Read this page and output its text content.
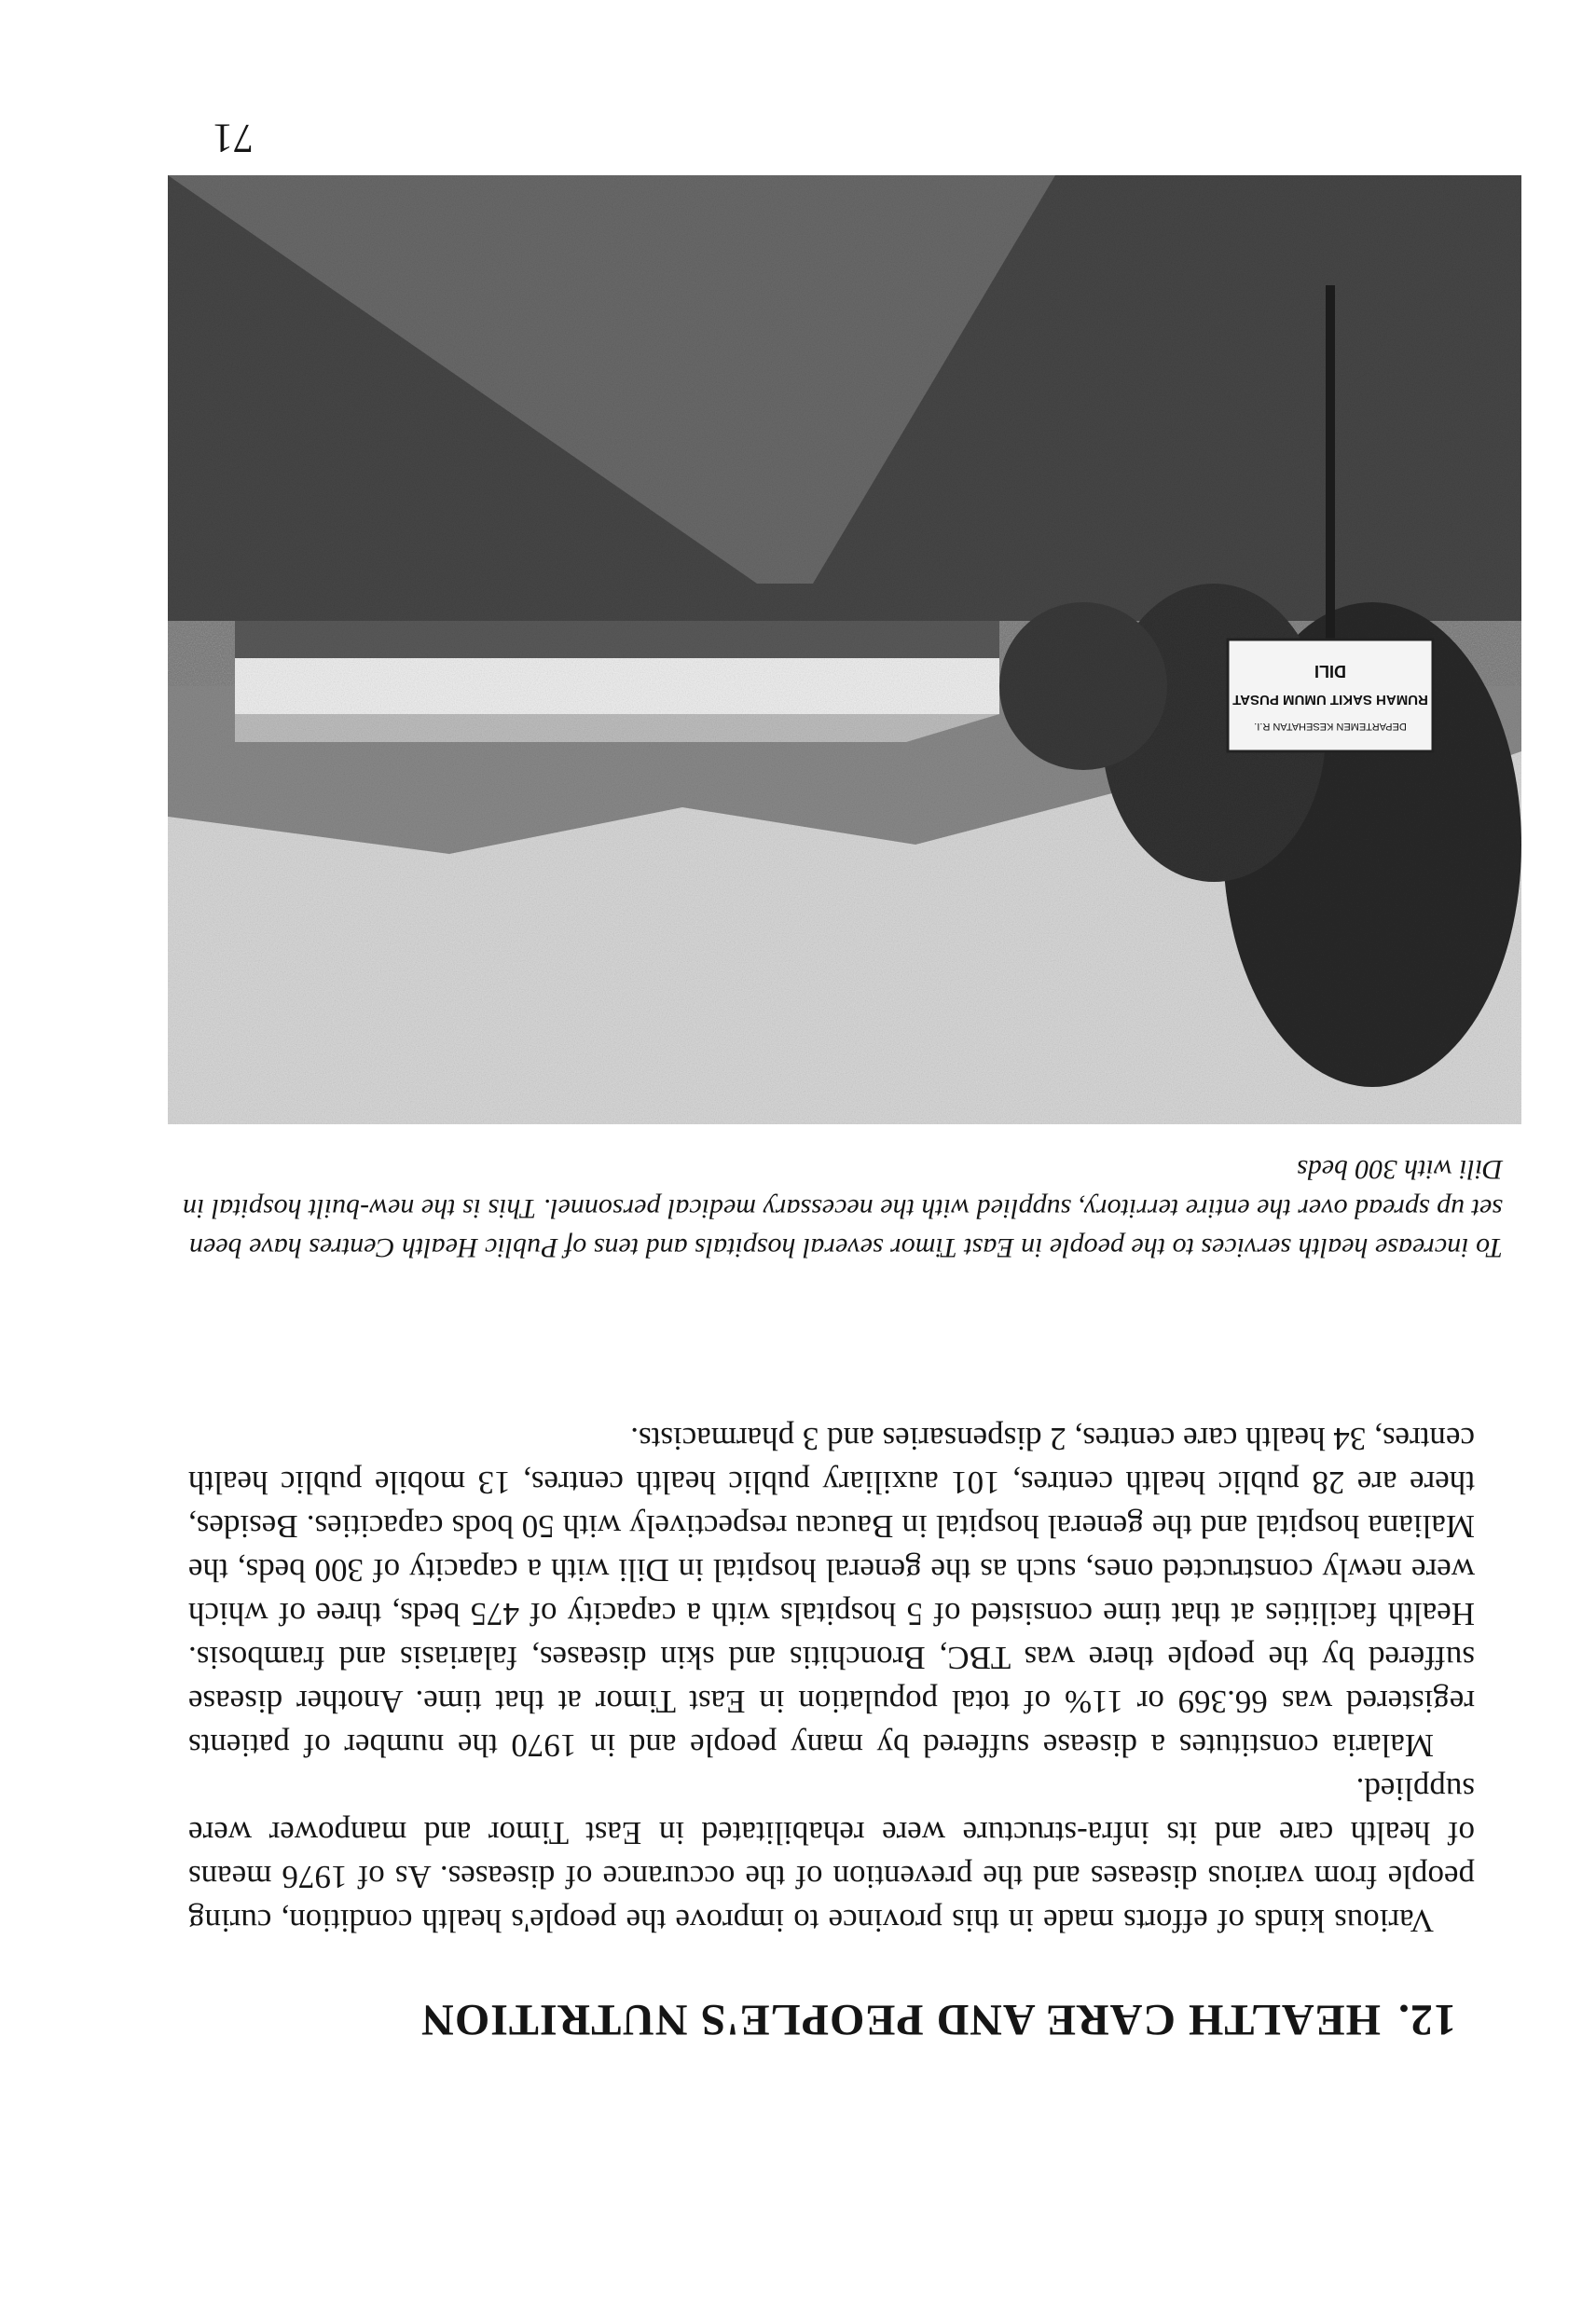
12.HEALTH CARE AND PEOPLE'S NUTRITION

Various kinds of efforts made in this province to improve the people's health condition, curing people from various diseases and the prevention of the occurance of diseases. As of 1976 means of health care and its infra-structure were rehabilitated in East Timor and manpower were supplied.

Malaria constitutes a disease suffered by many people and in 1970 the number of patients registered was 66.369 or 11% of total population in East Timor at that time. Another disease suffered by the people there was TBC, Bronchitis and skin diseases, falariasis and frambosis. Health facilities at that time consisted of 5 hospitals with a capacity of 475 beds, three of which were newly constructed ones, such as the general hospital in Dili with a capacity of 300 beds, the Maliana hospital and the general hospital in Baucau respectively with 50 bods capacities. Besides, there are 28 public health centres, 101 auxiliary public health centres, 13 mobile public health centres, 34 health care centres, 2 dispensaries and 3 pharmacists.

To increase health services to the people in East Timor several hospitals and tens of Public Health Centres have been set up spread over the entire territory, supplied with the necessary medical personnel. This is the new-built hospital in Dili with 300 beds
DEPARTEMEN KESEHATAN R.I.
RUMAH SAKIT UMUM PUSAT
DILI
71
